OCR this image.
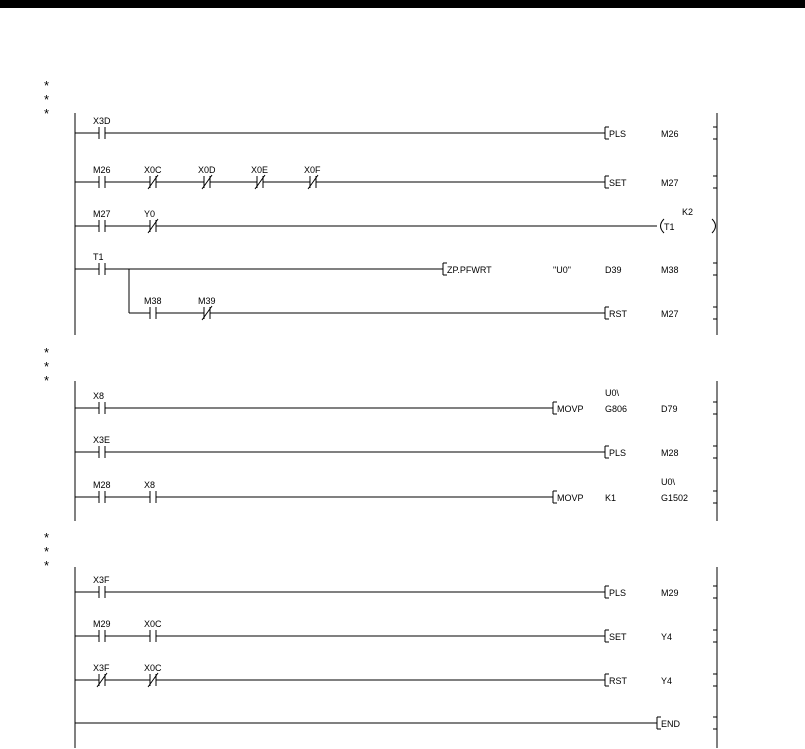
*
*
*	X3D
PLS	M26
M26	X0C	X0D	X0E	X0F
SET	M27
M27	Y0
T1
K2
T1
ZP.PFWRT	"U0"	D39	M38
M38	M39
RST	M27
*
*
*
X8
MOVP G806	D79
U0\
X3E
PLS	M28
M28	X8
MOVP K1	G1502
U0\
*
*
*
X3F
PLS	M29
M29	X0C
SET	Y4
X3F	X0C
RST	Y4
END
